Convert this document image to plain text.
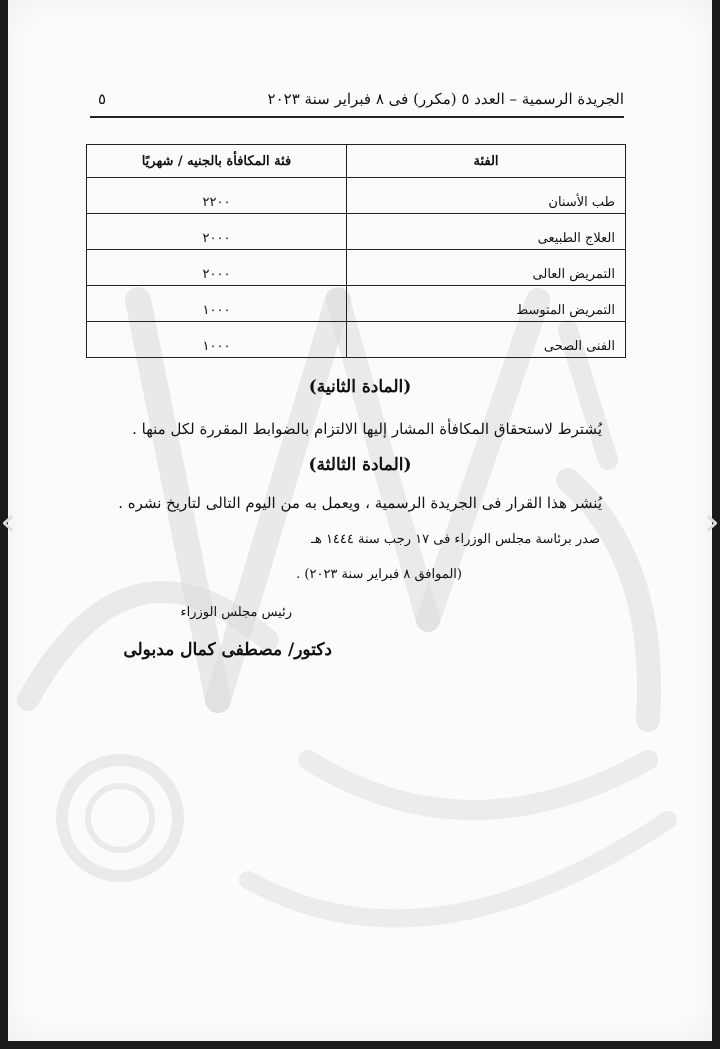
الجريدة الرسمية – العدد ٥ (مكرر) فى ٨ فبراير سنة ٢٠٢٣
٥
الفئة	فئة المكافأة بالجنيه / شهريًا
طب الأسنان	٢٢٠٠
العلاج الطبيعى	٢٠٠٠
التمريض العالى	٢٠٠٠
التمريض المتوسط	١٠٠٠
الفنى الصحى	١٠٠٠
(المادة الثانية)
يُشترط لاستحقاق المكافأة المشار إليها الالتزام بالضوابط المقررة لكل منها .
(المادة الثالثة)
يُنشر هذا القرار فى الجريدة الرسمية ، ويعمل به من اليوم التالى لتاريخ نشره .
صدر برئاسة مجلس الوزراء فى ١٧ رجب سنة ١٤٤٤ هـ
(الموافق ٨ فبراير سنة ٢٠٢٣) .
رئيس مجلس الوزراء
دكتور/ مصطفى كمال مدبولى
‹	›
